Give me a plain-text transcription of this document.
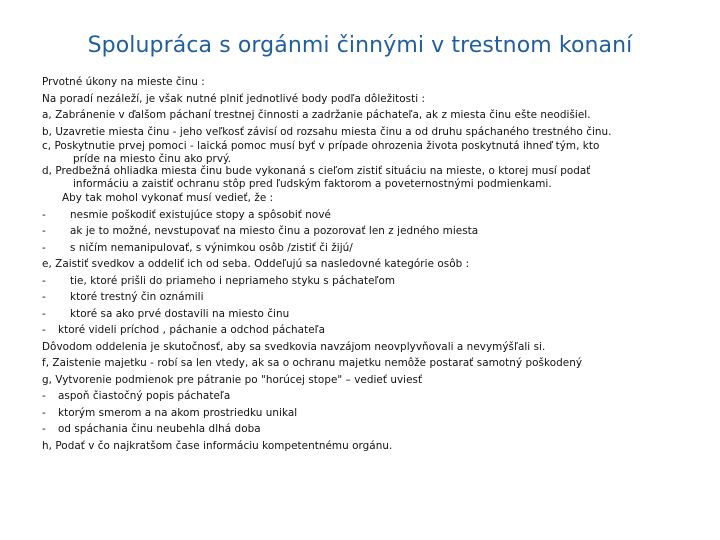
Spolupráca s orgánmi činnými v trestnom konaní
Prvotné úkony na mieste činu :
Na poradí nezáleží, je však nutné plniť jednotlivé body podľa dôležitosti :
a, Zabránenie v ďalšom páchaní trestnej činnosti a zadržanie páchateľa, ak z miesta činu ešte neodišiel.
b, Uzavretie miesta činu - jeho veľkosť závisí od rozsahu miesta činu a od druhu spáchaného trestného činu.
c, Poskytnutie prvej pomoci - laická pomoc musí byť v prípade ohrozenia života poskytnutá ihneď tým, kto
príde na miesto činu ako prvý.
d, Predbežná ohliadka miesta činu bude vykonaná s cieľom zistiť situáciu na mieste, o ktorej musí podať
informáciu a zaistiť ochranu stôp pred ľudským faktorom a poveternostnými podmienkami.
Aby tak mohol vykonať musí vedieť, že :
- nesmie poškodiť existujúce stopy a spôsobiť nové
- ak je to možné, nevstupovať na miesto činu a pozorovať len z jedného miesta
- s ničím nemanipulovať, s výnimkou osôb /zistiť či žijú/
e, Zaistiť svedkov a oddeliť ich od seba. Oddeľujú sa nasledovné kategórie osôb :
- tie, ktoré prišli do priameho i nepriameho styku s páchateľom
- ktoré trestný čin oznámili
- ktoré sa ako prvé dostavili na miesto činu
- ktoré videli príchod , páchanie a odchod páchateľa
Dôvodom oddelenia je skutočnosť, aby sa svedkovia navzájom neovplyvňovali a nevymýšľali si.
f, Zaistenie majetku - robí sa len vtedy, ak sa o ochranu majetku nemôže postarať samotný poškodený
g, Vytvorenie podmienok pre pátranie po "horúcej stope" – vedieť uviesť
- aspoň čiastočný popis páchateľa
- ktorým smerom a na akom prostriedku unikal
- od spáchania činu neubehla dlhá doba
h, Podať v čo najkratšom čase informáciu kompetentnému orgánu.
